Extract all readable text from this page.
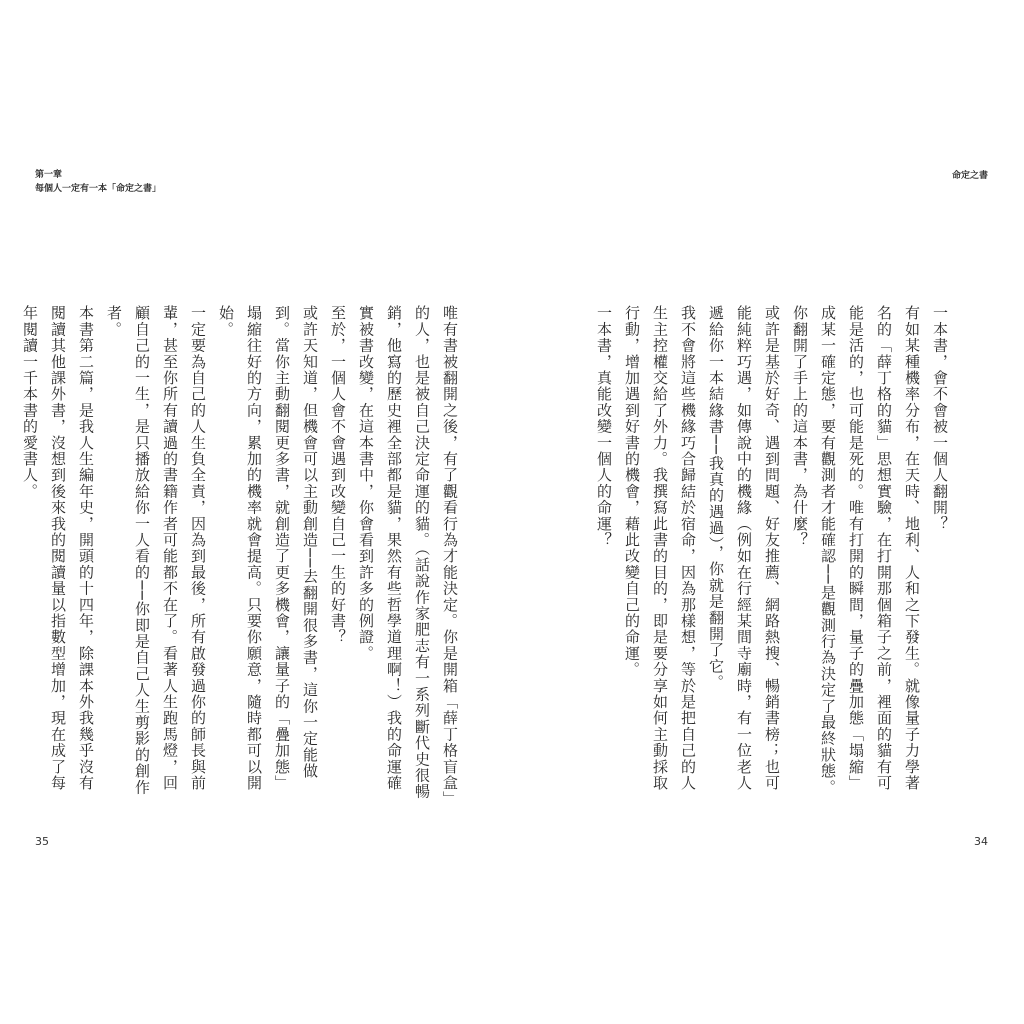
第一章
每個人一定有一本「命定之書」
命定之書

一本書，會不會被一個人翻開？

有如某種機率分布，在天時、地利、人和之下發生。就像量子力學著名的「薛丁格的貓」思想實驗，在打開那個箱子之前，裡面的貓有可能是活的，也可能是死的。唯有打開的瞬間，量子的疊加態「塌縮」成某一確定態，要有觀測者才能確認──是觀測行為決定了最終狀態。

你翻開了手上的這本書，為什麼？

或許是基於好奇、遇到問題、好友推薦、網路熱搜、暢銷書榜；也可能純粹巧遇，如傳說中的機緣（例如在行經某間寺廟時，有一位老人遞給你一本結緣書──我真的遇過），你就是翻開了它。

我不會將這些機緣巧合歸結於宿命，因為那樣想，等於是把自己的人生主控權交給了外力。我撰寫此書的目的，即是要分享如何主動採取行動，增加遇到好書的機會，藉此改變自己的命運。

一本書，真能改變一個人的命運？

唯有書被翻開之後，有了觀看行為才能決定。你是開箱「薛丁格盲盒」的人，也是被自己決定命運的貓。（話說作家肥志有一系列斷代史很暢銷，他寫的歷史裡全部都是貓，果然有些哲學道理啊！）我的命運確實被書改變，在這本書中，你會看到許多的例證。

至於，一個人會不會遇到改變自己一生的好書？

或許天知道，但機會可以主動創造──去翻開很多書，這你一定能做到。當你主動翻閱更多書，就創造了更多機會，讓量子的「疊加態」塌縮往好的方向，累加的機率就會提高。只要你願意，隨時都可以開始。

一定要為自己的人生負全責，因為到最後，所有啟發過你的師長與前輩，甚至你所有讀過的書籍作者可能都不在了。看著人生跑馬燈，回顧自己的一生，是只播放給你一人看的──你即是自己人生剪影的創作者。

本書第二篇，是我人生編年史，開頭的十四年，除課本外我幾乎沒有閱讀其他課外書，沒想到後來我的閱讀量以指數型增加，現在成了每年閱讀一千本書的愛書人。

35	34
